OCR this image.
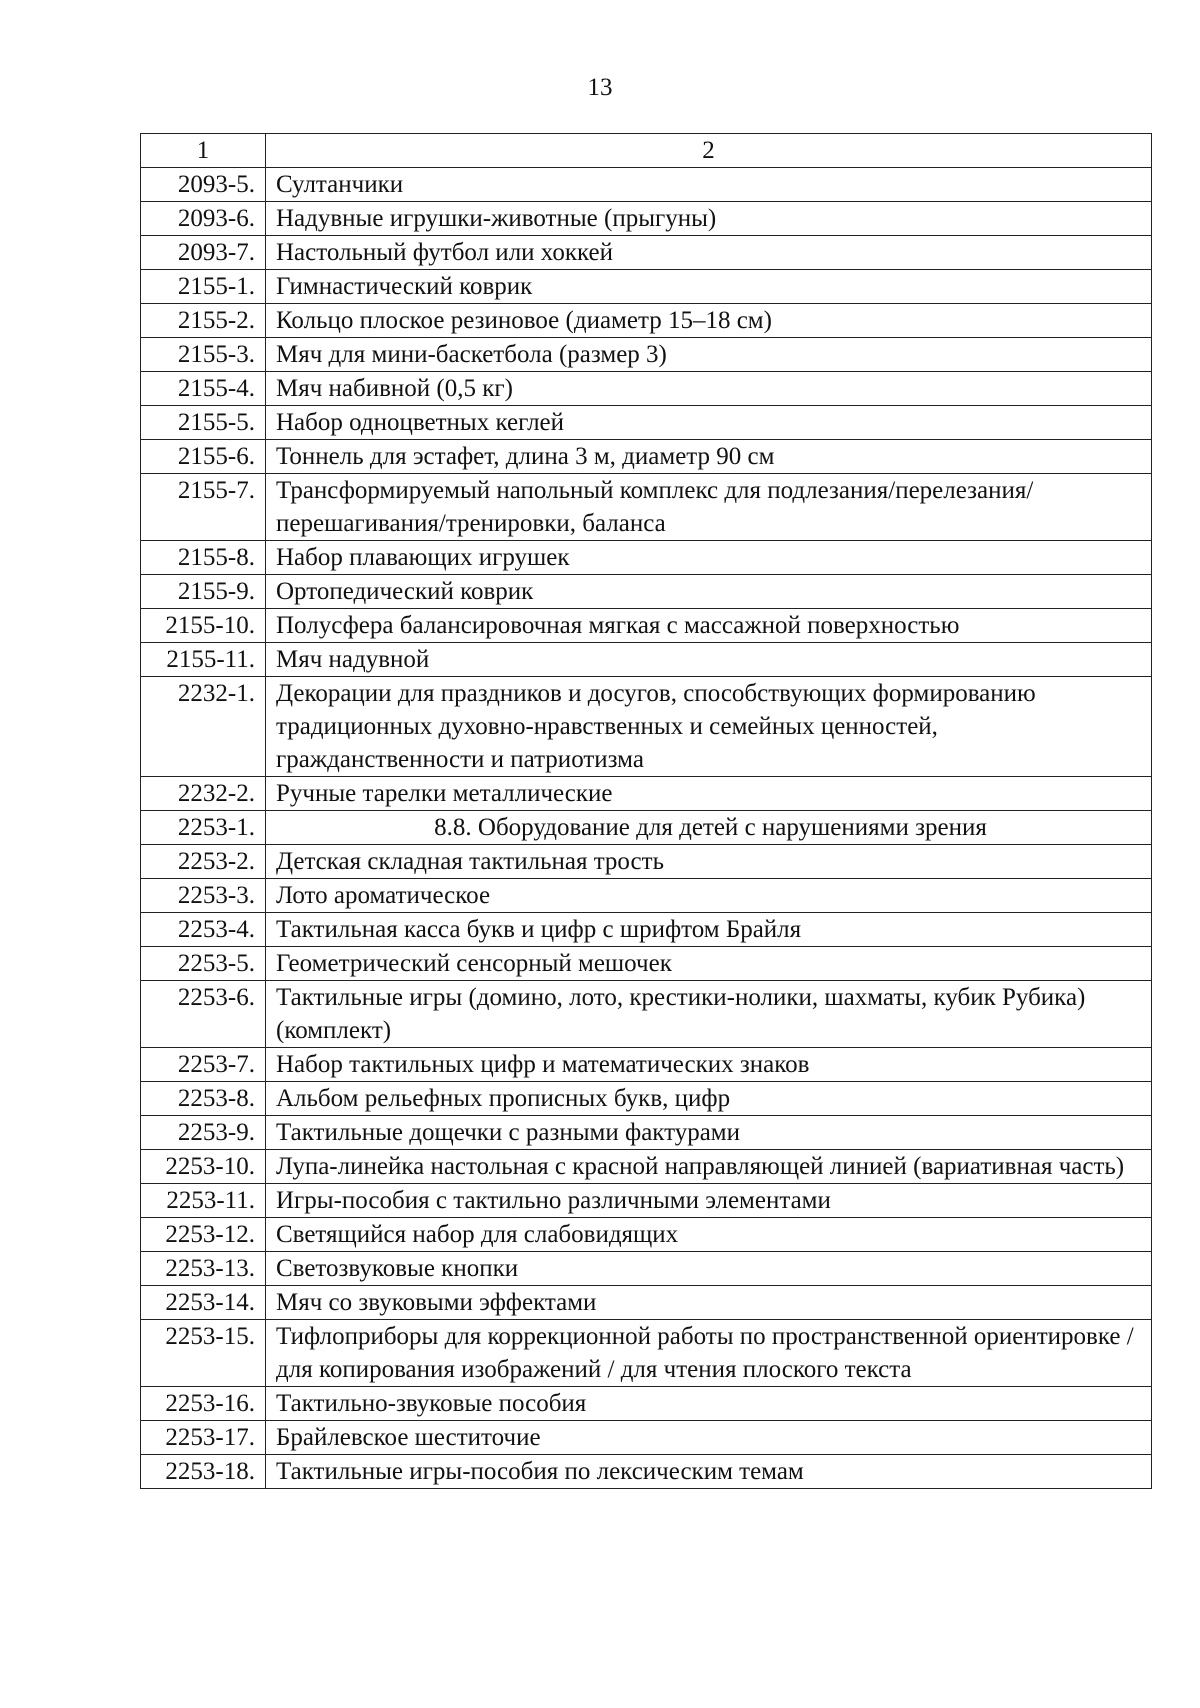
13
1	2
2093-5.	Султанчики
2093-6.	Надувные игрушки-животные (прыгуны)
2093-7.	Настольный футбол или хоккей
2155-1.	Гимнастический коврик
2155-2.	Кольцо плоское резиновое (диаметр 15–18 см)
2155-3.	Мяч для мини-баскетбола (размер 3)
2155-4.	Мяч набивной (0,5 кг)
2155-5.	Набор одноцветных кеглей
2155-6.	Тоннель для эстафет, длина 3 м, диаметр 90 см
2155-7.	Трансформируемый напольный комплекс для подлезания/перелезания/перешагивания/тренировки, баланса
2155-8.	Набор плавающих игрушек
2155-9.	Ортопедический коврик
2155-10.	Полусфера балансировочная мягкая с массажной поверхностью
2155-11.	Мяч надувной
2232-1.	Декорации для праздников и досугов, способствующих формированию традиционных духовно-нравственных и семейных ценностей, гражданственности и патриотизма
2232-2.	Ручные тарелки металлические
2253-1.	8.8. Оборудование для детей с нарушениями зрения
2253-2.	Детская складная тактильная трость
2253-3.	Лото ароматическое
2253-4.	Тактильная касса букв и цифр с шрифтом Брайля
2253-5.	Геометрический сенсорный мешочек
2253-6.	Тактильные игры (домино, лото, крестики-нолики, шахматы, кубик Рубика) (комплект)
2253-7.	Набор тактильных цифр и математических знаков
2253-8.	Альбом рельефных прописных букв, цифр
2253-9.	Тактильные дощечки с разными фактурами
2253-10.	Лупа-линейка настольная с красной направляющей линией (вариативная часть)
2253-11.	Игры-пособия с тактильно различными элементами
2253-12.	Светящийся набор для слабовидящих
2253-13.	Светозвуковые кнопки
2253-14.	Мяч со звуковыми эффектами
2253-15.	Тифлоприборы для коррекционной работы по пространственной ориентировке / для копирования изображений / для чтения плоского текста
2253-16.	Тактильно-звуковые пособия
2253-17.	Брайлевское шеститочие
2253-18.	Тактильные игры-пособия по лексическим темам
